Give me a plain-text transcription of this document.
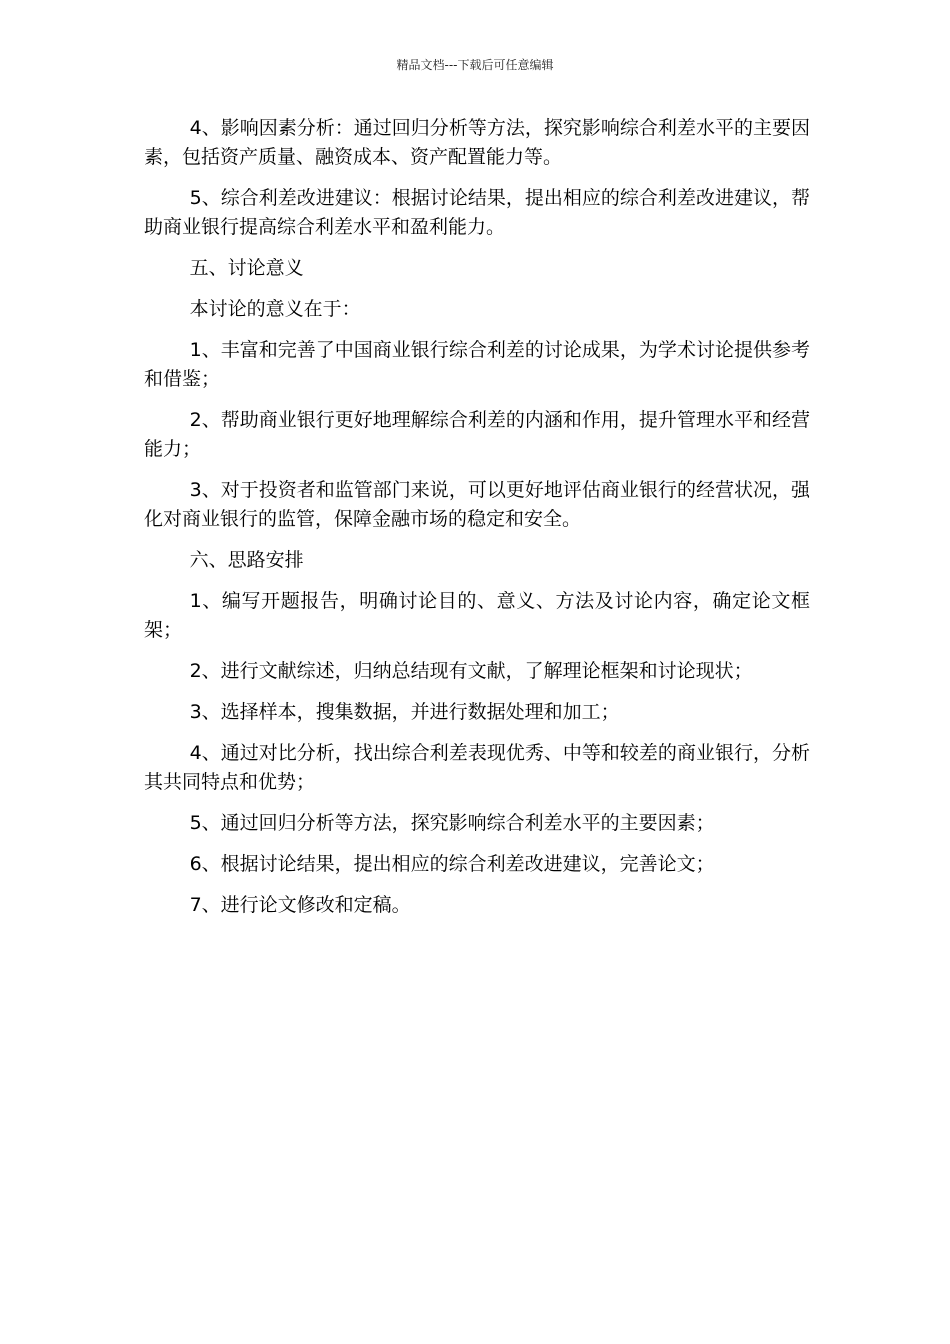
精品文档---下载后可任意编辑

4、影响因素分析：通过回归分析等方法，探究影响综合利差水平的主要因素，包括资产质量、融资成本、资产配置能力等。

5、综合利差改进建议：根据讨论结果，提出相应的综合利差改进建议，帮助商业银行提高综合利差水平和盈利能力。

五、讨论意义

本讨论的意义在于：

1、丰富和完善了中国商业银行综合利差的讨论成果，为学术讨论提供参考和借鉴；

2、帮助商业银行更好地理解综合利差的内涵和作用，提升管理水平和经营能力；

3、对于投资者和监管部门来说，可以更好地评估商业银行的经营状况，强化对商业银行的监管，保障金融市场的稳定和安全。

六、思路安排

1、编写开题报告，明确讨论目的、意义、方法及讨论内容，确定论文框架；

2、进行文献综述，归纳总结现有文献，了解理论框架和讨论现状；

3、选择样本，搜集数据，并进行数据处理和加工；

4、通过对比分析，找出综合利差表现优秀、中等和较差的商业银行，分析其共同特点和优势；

5、通过回归分析等方法，探究影响综合利差水平的主要因素；

6、根据讨论结果，提出相应的综合利差改进建议，完善论文；

7、进行论文修改和定稿。
